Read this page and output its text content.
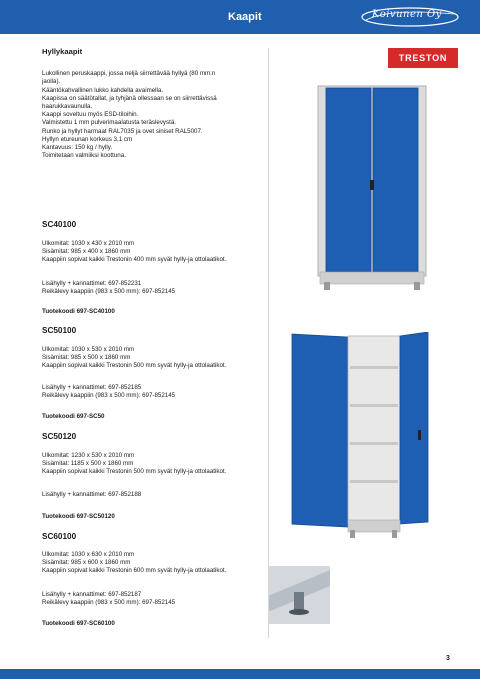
Kaapit	Koivunen Oy
TRESTON
Hyllykaapit

Lukollinen peruskaappi, jossa neljä siirrettävää hyllyä (80 mm:n

jaolla).

Kääntökahvallinen lukko kahdella avaimella.

Kaapissa on säätötallat, ja tyhjänä ollessaan se on siirrettävissä

haarukkavaunulla.

Kaappi soveltuu myös ESD-tiloihin.

Valmistettu 1 mm pulverimaalatusta teräslevystä.

Runko ja hyllyt harmaat RAL7035 ja ovet siniset RAL5007.

Hyllyn etureunan korkeus 3,1 cm

Kantavuus: 150 kg / hylly.

Toimitetaan valmiiksi koottuna.

SC40100

Ulkomitat: 1030 x 430 x 2010 mm

Sisämitat: 985 x 400 x 1860 mm

Kaappiin sopivat kaikki Trestonin 400 mm syvät hylly-ja ottolaatikot.

Lisähylly + kannattimet: 697-852231

Reikälevy kaappiin (983 x 500 mm): 697-852145

Tuotekoodi 697-SC40100
SC50100

Ulkomitat: 1030 x 530 x 2010 mm

Sisämitat: 985 x 500 x 1860 mm

Kaappiin sopivat kaikki Trestonin 500 mm syvät hylly-ja ottolaatikot.

Lisähylly + kannattimet: 697-852185

Reikälevy kaappiin (983 x 500 mm): 697-852145

Tuotekoodi 697-SC50
SC50120

Ulkomitat: 1230 x 530 x 2010 mm

Sisämitat: 1185 x 500 x 1860 mm

Kaappiin sopivat kaikki Trestonin 500 mm syvät hylly-ja ottolaatikot.

Lisähylly + kannattimet: 697-852188

Tuotekoodi 697-SC50120
SC60100

Ulkomitat: 1030 x 630 x 2010 mm

Sisämitat: 985 x 600 x 1860 mm

Kaappiin sopivat kaikki Trestonin 600 mm syvät hylly-ja ottolaatikot.

Lisähylly + kannattimet: 697-852187

Reikälevy kaappiin (983 x 500 mm): 697-852145

Tuotekoodi 697-SC60100
3
